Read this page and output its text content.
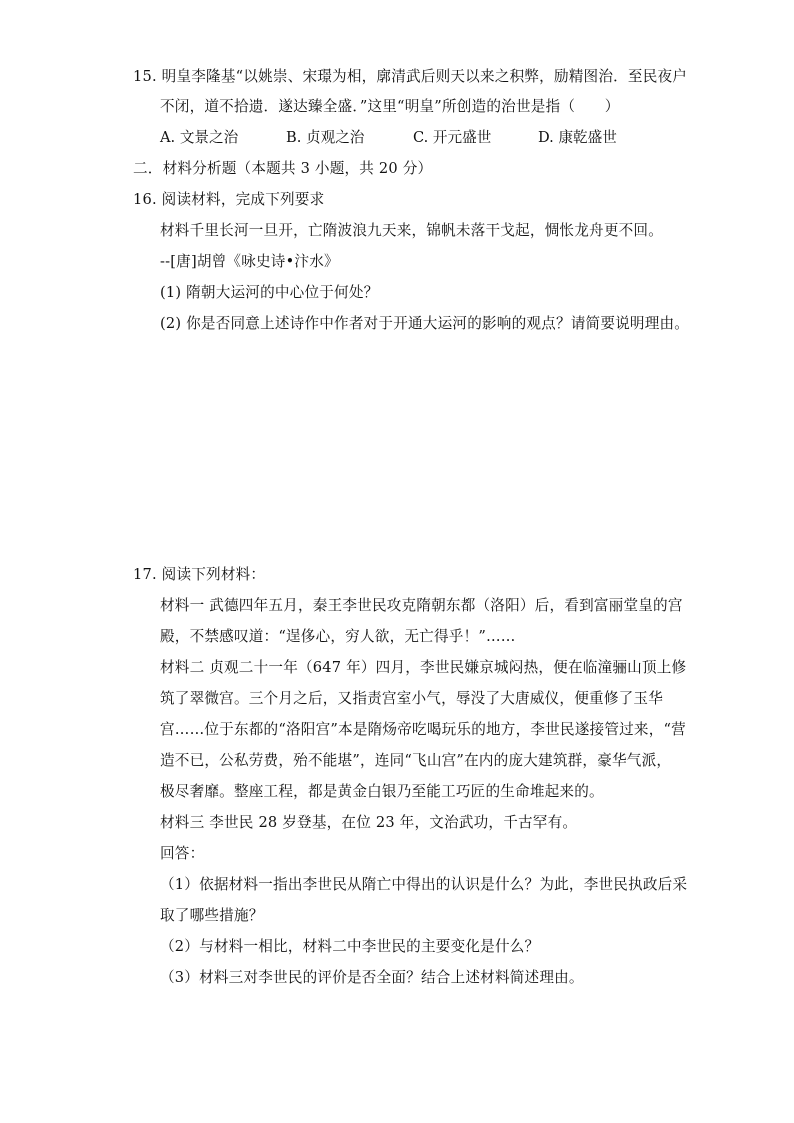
15. 明皇李隆基“以姚崇、宋璟为相，廓清武后则天以来之积弊，励精图治．至民夜户
不闭，道不拾遗．遂达臻全盛．”这里“明皇”所创造的治世是指（　　）
A. 文景之治	B. 贞观之治	C. 开元盛世	D. 康乾盛世
二．材料分析题（本题共 3 小题，共 20 分）
16. 阅读材料，完成下列要求
材料千里长河一旦开，亡隋波浪九天来，锦帆未落干戈起，惆怅龙舟更不回。
--[唐]胡曾《咏史诗•汴水》
(1) 隋朝大运河的中心位于何处？
(2) 你是否同意上述诗作中作者对于开通大运河的影响的观点？请简要说明理由。
17. 阅读下列材料：
材料一 武德四年五月，秦王李世民攻克隋朝东都（洛阳）后，看到富丽堂皇的宫
殿，不禁感叹道：“逞侈心，穷人欲，无亡得乎！”……
材料二 贞观二十一年（647 年）四月，李世民嫌京城闷热，便在临潼骊山顶上修
筑了翠微宫。三个月之后，又指责宫室小气，辱没了大唐威仪，便重修了玉华
宫……位于东都的“洛阳宫”本是隋炀帝吃喝玩乐的地方，李世民遂接管过来，“营
造不已，公私劳费，殆不能堪”，连同“飞山宫”在内的庞大建筑群，豪华气派，
极尽奢靡。整座工程，都是黄金白银乃至能工巧匠的生命堆起来的。
材料三 李世民 28 岁登基，在位 23 年，文治武功，千古罕有。
回答：
（1）依据材料一指出李世民从隋亡中得出的认识是什么？为此，李世民执政后采
取了哪些措施？
（2）与材料一相比，材料二中李世民的主要变化是什么？
（3）材料三对李世民的评价是否全面？结合上述材料简述理由。
